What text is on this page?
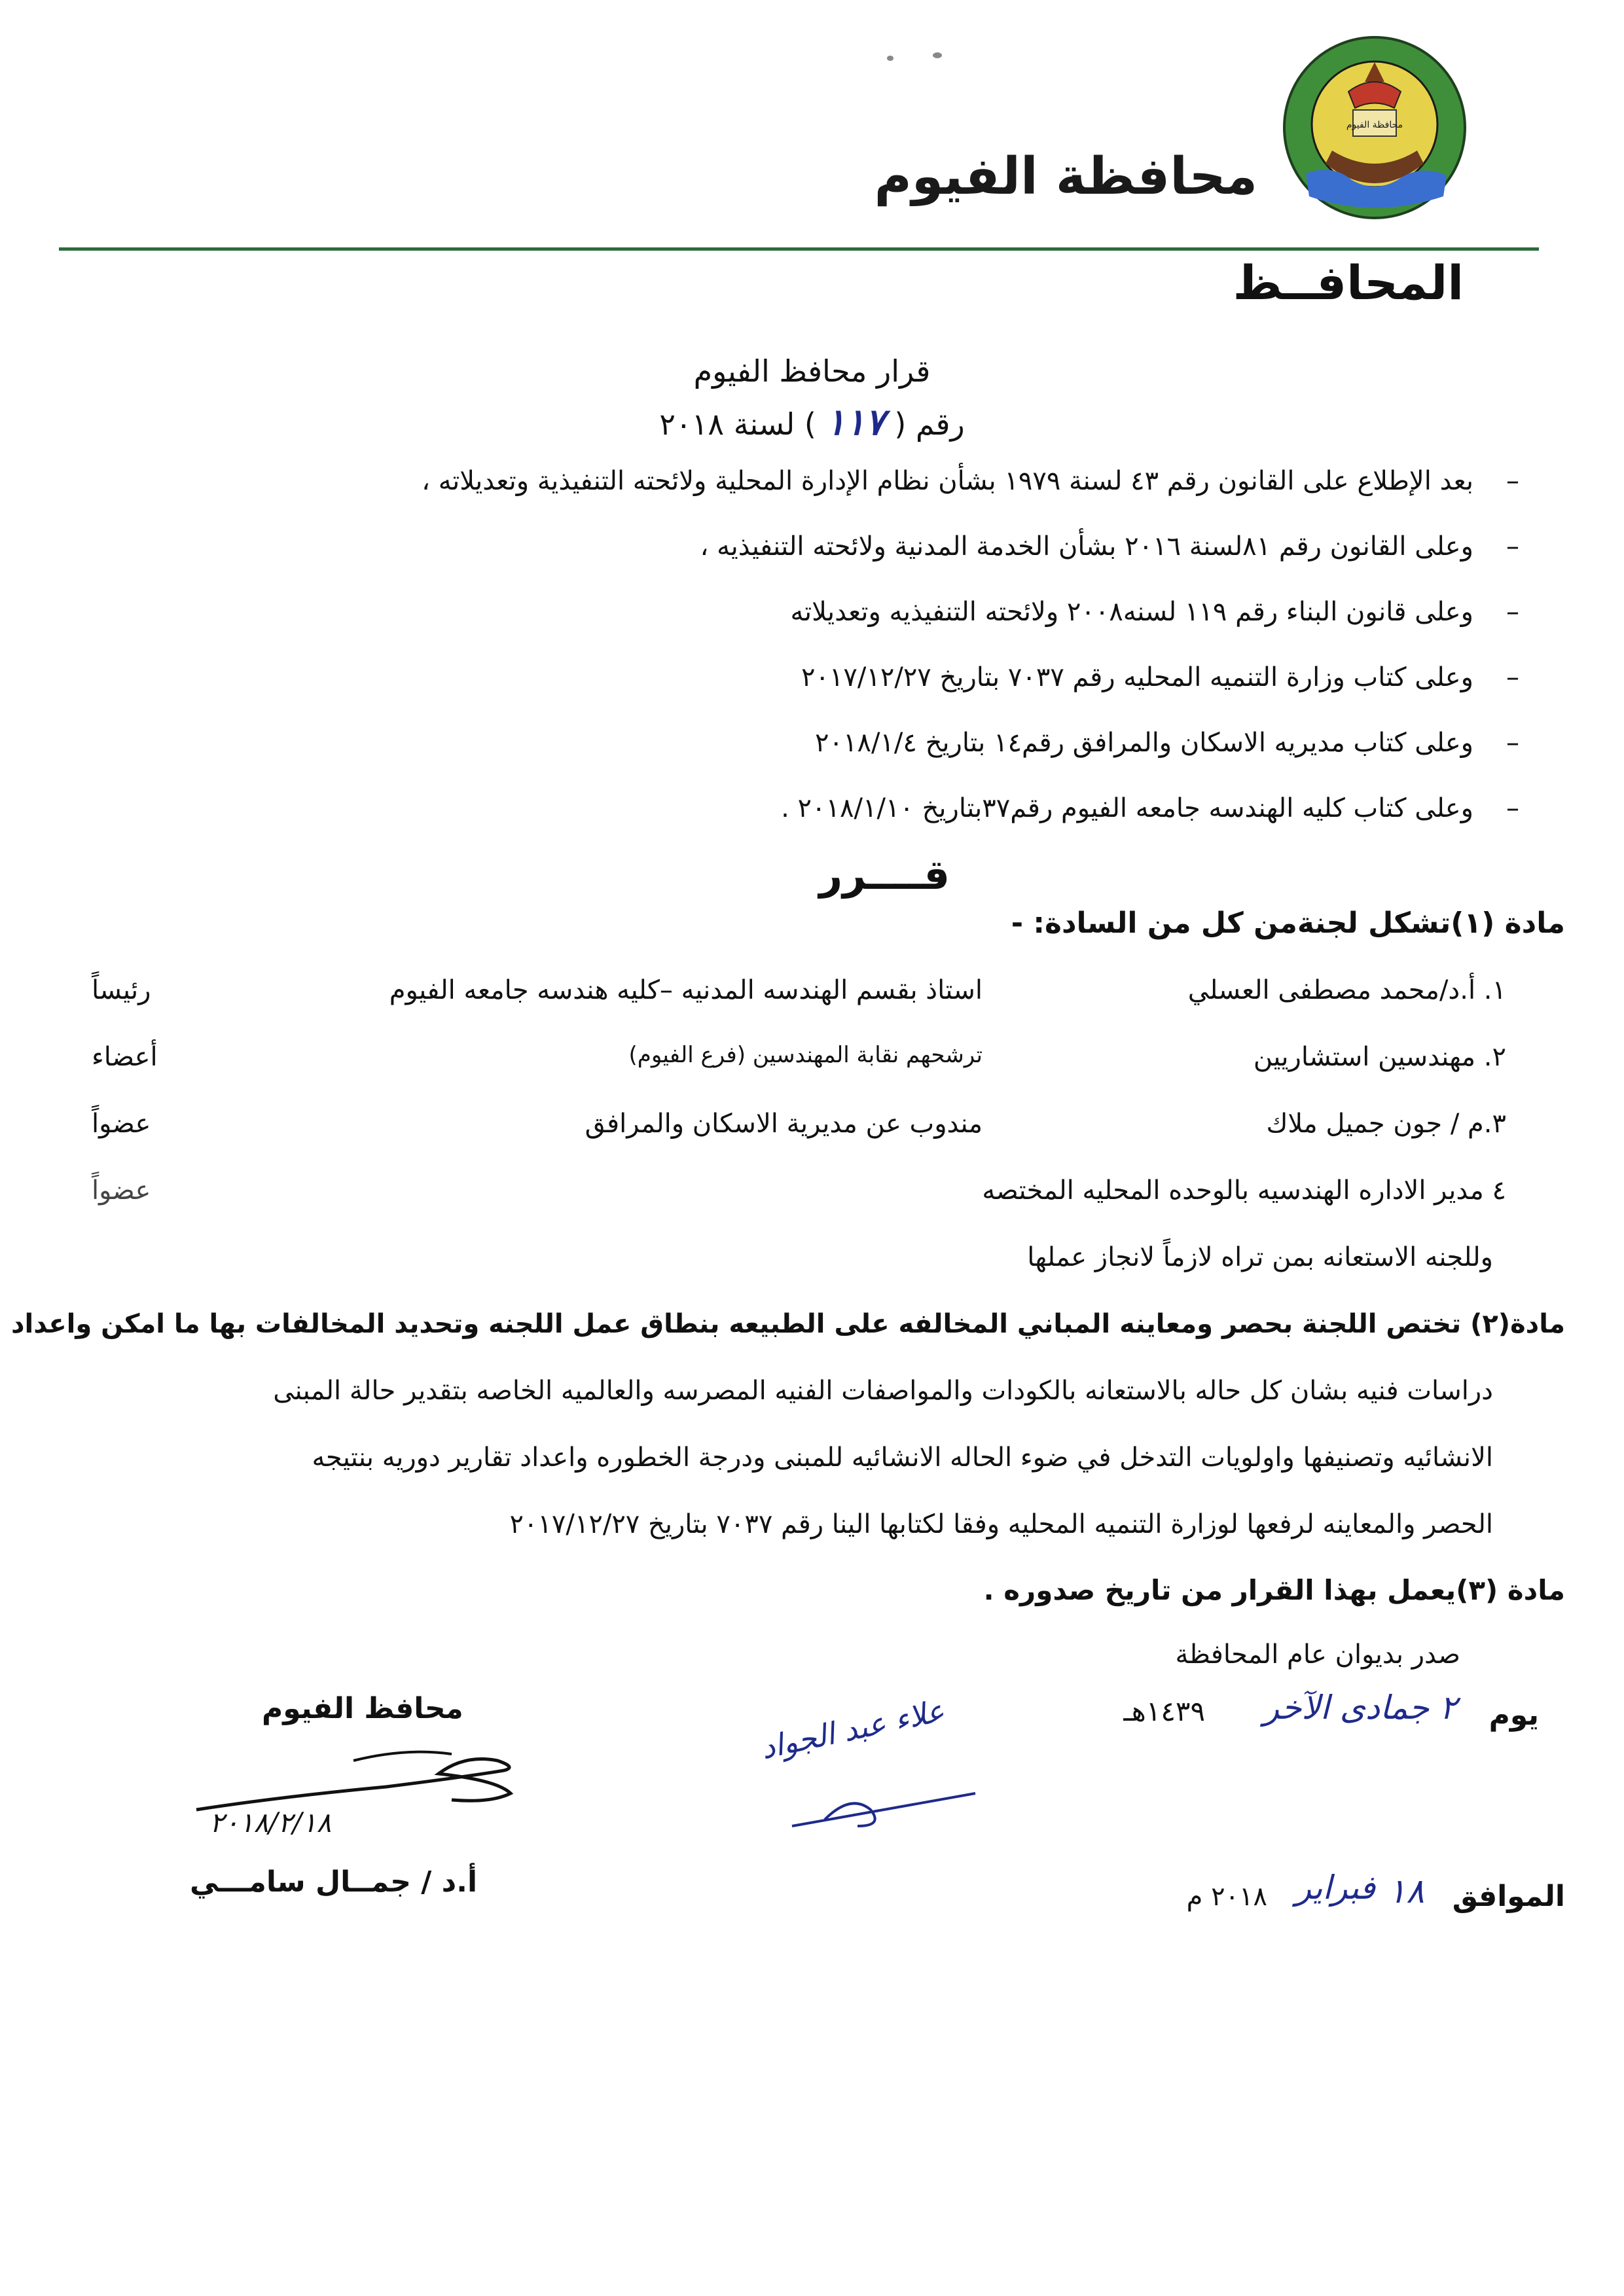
محافظة الفيوم
محافظة الفيوم
المحافــظ
قرار محافظ الفيوم
رقم ( ١١٧ ) لسنة ٢٠١٨
–بعد الإطلاع على القانون رقم ٤٣ لسنة ١٩٧٩ بشأن نظام الإدارة المحلية ولائحته التنفيذية وتعديلاته ،
–وعلى القانون رقم ٨١لسنة ٢٠١٦ بشأن الخدمة المدنية ولائحته التنفيذيه ،
–وعلى قانون البناء رقم ١١٩ لسنه٢٠٠٨ ولائحته التنفيذيه وتعديلاته
–وعلى كتاب وزارة التنميه المحليه رقم ٧٠٣٧ بتاريخ ٢٠١٧/١٢/٢٧
–وعلى كتاب مديريه الاسكان والمرافق رقم١٤ بتاريخ ٢٠١٨/١/٤
–وعلى كتاب كليه الهندسه جامعه الفيوم رقم٣٧بتاريخ ٢٠١٨/١/١٠ .
قــــرر
مادة (١)تشكل لجنةمن كل من السادة: -
١. أ.د/محمد مصطفى العسلي
استاذ بقسم الهندسه المدنيه –كليه هندسه جامعه الفيوم
رئيساً
٢. مهندسين استشاريين
ترشحهم نقابة المهندسين (فرع الفيوم)
أعضاء
٣.م / جون جميل ملاك
مندوب عن مديرية الاسكان والمرافق
عضواً
٤ مدير الاداره الهندسيه بالوحده المحليه المختصه
عضواً
وللجنه الاستعانه بمن تراه لازماً لانجاز عملها
مادة(٢) تختص اللجنة بحصر ومعاينه المباني المخالفه على الطبيعه بنطاق عمل اللجنه وتحديد المخالفات بها ما امكن واعداد
دراسات فنيه بشان كل حاله بالاستعانه بالكودات والمواصفات الفنيه المصرسه والعالميه الخاصه بتقدير حالة المبنى
الانشائيه وتصنيفها واولويات التدخل في ضوء الحاله الانشائيه للمبنى ودرجة الخطوره واعداد تقارير دوريه بنتيجه
الحصر والمعاينه لرفعها لوزارة التنميه المحليه وفقا لكتابها الينا رقم ٧٠٣٧ بتاريخ ٢٠١٧/١٢/٢٧
مادة (٣)يعمل بهذا القرار من تاريخ صدوره .
صدر بديوان عام المحافظة
يوم
٢ جمادى الآخر
١٤٣٩هـ
الموافق
١٨
فبراير
٢٠١٨ م
محافظ الفيوم
٢٠١٨/٢/١٨
أ.د / جمــال سامـــي
علاء عبد الجواد
